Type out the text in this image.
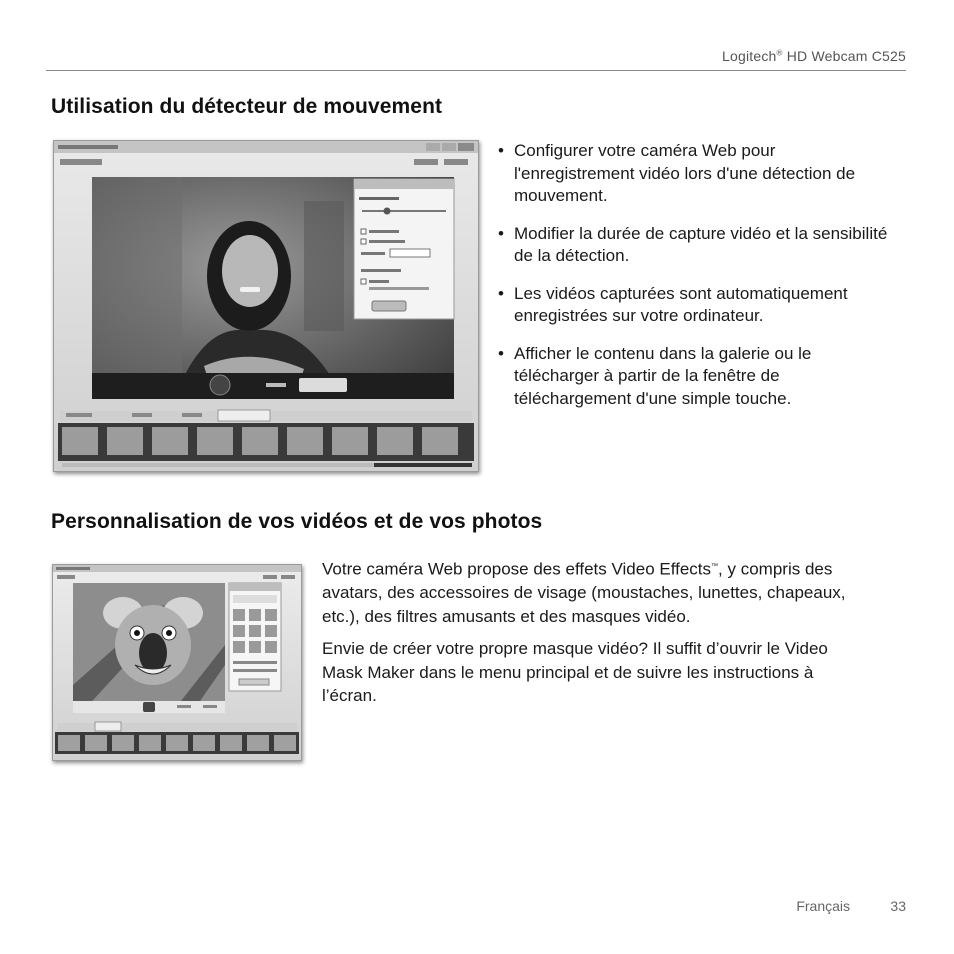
Logitech® HD Webcam C525
Utilisation du détecteur de mouvement
• Configurer votre caméra Web pour l'enregistrement vidéo lors d'une détection de mouvement.
• Modifier la durée de capture vidéo et la sensibilité de la détection.
• Les vidéos capturées sont automatiquement enregistrées sur votre ordinateur.
• Afficher le contenu dans la galerie ou le télécharger à partir de la fenêtre de téléchargement d'une simple touche.
Personnalisation de vos vidéos et de vos photos

Votre caméra Web propose des effets Video Effects™, y compris des avatars, des accessoires de visage (moustaches, lunettes, chapeaux, etc.), des filtres amusants et des masques vidéo.

Envie de créer votre propre masque vidéo? Il suffit d’ouvrir le Video Mask Maker dans le menu principal et de suivre les instructions à l’écran.

Français	33
